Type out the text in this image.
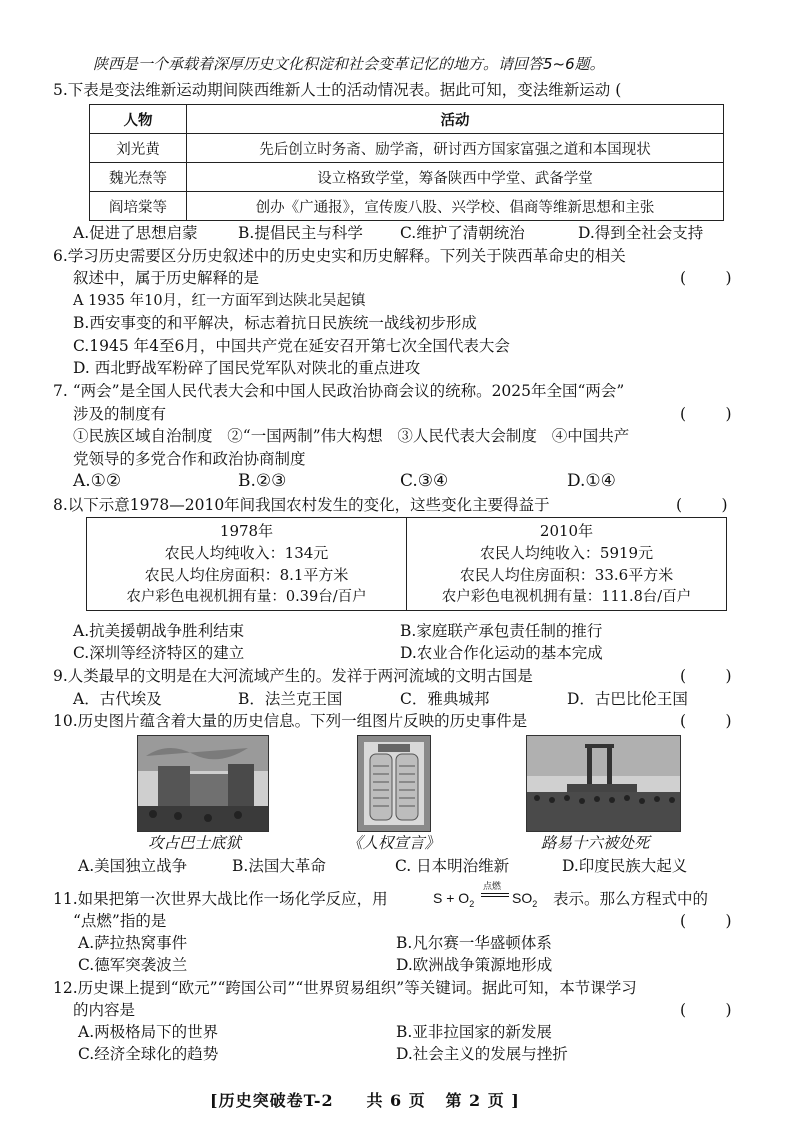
陕西是一个承载着深厚历史文化积淀和社会变革记忆的地方。请回答5~6题。
5.下表是变法维新运动期间陕西维新人士的活动情况表。据此可知，变法维新运动 (
人物	活动
刘光黄	先后创立时务斋、励学斋，研讨西方国家富强之道和本国现状
魏光焘等	设立格致学堂，筹备陕西中学堂、武备学堂
阎培棠等	创办《广通报》，宣传废八股、兴学校、倡商等维新思想和主张
A.促进了思想启蒙	B.提倡民主与科学 C.维护了清朝统治	D.得到全社会支持
6.学习历史需要区分历史叙述中的历史史实和历史解释。下列关于陕西革命史的相关
叙述中，属于历史解释的是	(        )
A 1935 年10月，红一方面军到达陕北吴起镇
B.西安事变的和平解决，标志着抗日民族统一战线初步形成
C.1945 年4至6月，中国共产党在延安召开第七次全国代表大会
D. 西北野战军粉碎了国民党军队对陕北的重点进攻
7. “两会”是全国人民代表大会和中国人民政治协商会议的统称。2025年全国“两会”
涉及的制度有	(        )
①民族区域自治制度   ②“一国两制”伟大构想   ③人民代表大会制度   ④中国共产
党领导的多党合作和政治协商制度
A.①②	B.②③	C.③④	D.①④
8.以下示意1978—2010年间我国农村发生的变化，这些变化主要得益于	(        )
1978年
农民人均纯收入：134元
农民人均住房面积：8.1平方米
农户彩色电视机拥有量：0.39台/百户

2010年
农民人均纯收入：5919元
农民人均住房面积：33.6平方米
农户彩色电视机拥有量：111.8台/百户
A.抗美援朝战争胜利结束	B.家庭联产承包责任制的推行
C.深圳等经济特区的建立	D.农业合作化运动的基本完成
9.人类最早的文明是在大河流域产生的。发祥于两河流域的文明古国是	(        )
A．古代埃及	B．法兰克王国	C．雅典城邦	D．古巴比伦王国
10.历史图片蕴含着大量的历史信息。下列一组图片反映的历史事件是	(        )
攻占巴士底狱	《人权宣言》	路易十六被处死
A.美国独立战争	B.法国大革命	C. 日本明治维新	D.印度民族大起义
11.如果把第一次世界大战比作一场化学反应，用	$S + O_2$
点燃
$SO_2$ 表示。那么方程式中的
“点燃”指的是	(        )
A.萨拉热窝事件	B.凡尔赛一华盛顿体系
C.德军突袭波兰	D.欧洲战争策源地形成
12.历史课上提到“欧元”“跨国公司”“世界贸易组织”等关键词。据此可知，本节课学习
的内容是	(        )
A.两极格局下的世界	B.亚非拉国家的新发展
C.经济全球化的趋势	D.社会主义的发展与挫折
[历史突破卷T-2     共 6 页   第 2 页 ]
